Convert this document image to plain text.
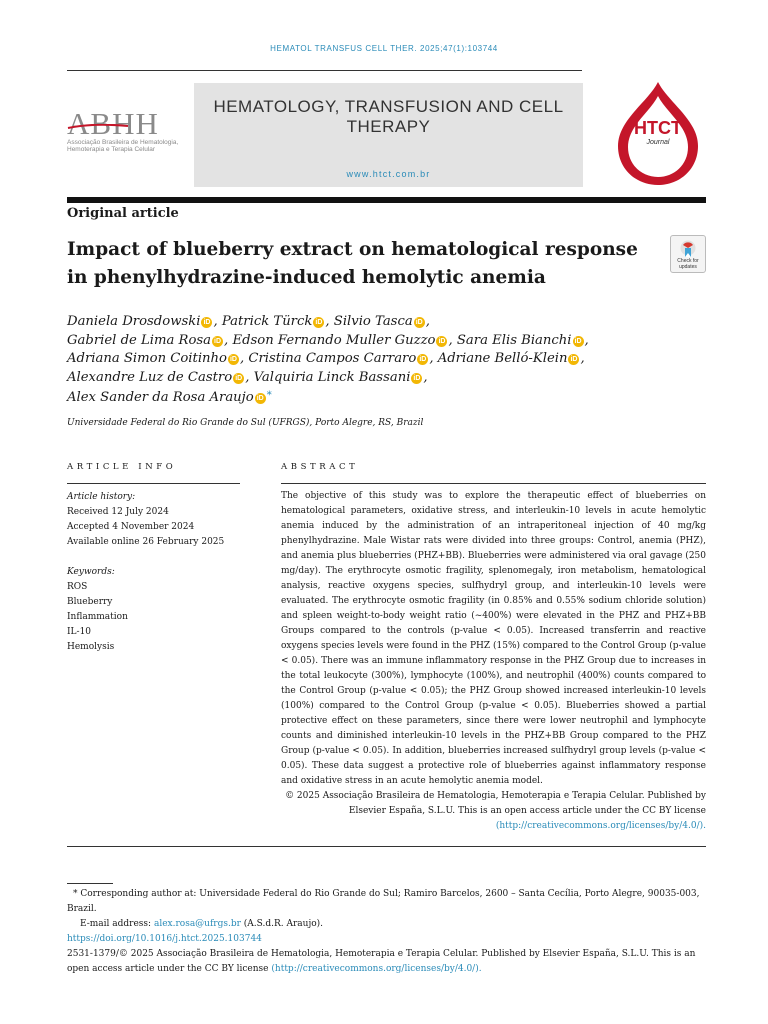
HEMATOL TRANSFUS CELL THER. 2025;47(1):103744
ABHH
Associação Brasileira de Hematologia, Hemoterapia e Terapia Celular
HEMATOLOGY, TRANSFUSION AND CELL THERAPY
www.htct.com.br
HTCT
Journal
Original article
Impact of blueberry extract on hematological response in phenylhydrazine-induced hemolytic anemia
Check for updates
Daniela Drosdowski iD , Patrick Türck iD , Silvio Tasca iD ,
Gabriel de Lima Rosa iD , Edson Fernando Muller Guzzo iD , Sara Elis Bianchi iD ,
Adriana Simon Coitinho iD , Cristina Campos Carraro iD , Adriane Belló-Klein iD ,
Alexandre Luz de Castro iD , Valquiria Linck Bassani iD ,
Alex Sander da Rosa Araujo iD *
Universidade Federal do Rio Grande do Sul (UFRGS), Porto Alegre, RS, Brazil
ARTICLE INFO	ABSTRACT
Article history:
Received 12 July 2024
Accepted 4 November 2024
Available online 26 February 2025
Keywords:
ROS
Blueberry
Inflammation
IL-10
Hemolysis
The objective of this study was to explore the therapeutic effect of blueberries on hematological parameters, oxidative stress, and interleukin-10 levels in acute hemolytic anemia induced by the administration of an intraperitoneal injection of 40 mg/kg phenylhydrazine. Male Wistar rats were divided into three groups: Control, anemia (PHZ), and anemia plus blueberries (PHZ+BB). Blueberries were administered via oral gavage (250 mg/day). The erythrocyte osmotic fragility, splenomegaly, iron metabolism, hematological analysis, reactive oxygens species, sulfhydryl group, and interleukin-10 levels were evaluated. The erythrocyte osmotic fragility (in 0.85% and 0.55% sodium chloride solution) and spleen weight-to-body weight ratio (~400%) were elevated in the PHZ and PHZ+BB Groups compared to the controls (p-value < 0.05). Increased transferrin and reactive oxygens species levels were found in the PHZ (15%) compared to the Control Group (p-value < 0.05). There was an immune inflammatory response in the PHZ Group due to increases in the total leukocyte (300%), lymphocyte (100%), and neutrophil (400%) counts compared to the Control Group (p-value < 0.05); the PHZ Group showed increased interleukin-10 levels (100%) compared to the Control Group (p-value < 0.05). Blueberries showed a partial protective effect on these parameters, since there were lower neutrophil and lymphocyte counts and diminished interleukin-10 levels in the PHZ+BB Group compared to the PHZ Group (p-value < 0.05). In addition, blueberries increased sulfhydryl group levels (p-value < 0.05). These data suggest a protective role of blueberries against inflammatory response and oxidative stress in an acute hemolytic anemia model.
© 2025 Associação Brasileira de Hematologia, Hemoterapia e Terapia Celular. Published by
Elsevier España, S.L.U. This is an open access article under the CC BY license
(http://creativecommons.org/licenses/by/4.0/).
* Corresponding author at: Universidade Federal do Rio Grande do Sul; Ramiro Barcelos, 2600 – Santa Cecília, Porto Alegre, 90035-003, Brazil.
E-mail address: alex.rosa@ufrgs.br (A.S.d.R. Araujo).
https://doi.org/10.1016/j.htct.2025.103744
2531-1379/© 2025 Associação Brasileira de Hematologia, Hemoterapia e Terapia Celular. Published by Elsevier España, S.L.U. This is an open access article under the CC BY license (http://creativecommons.org/licenses/by/4.0/).
